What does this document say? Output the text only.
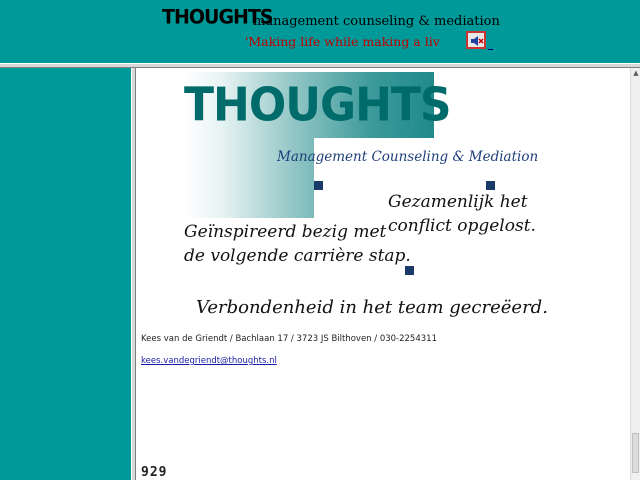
THOUGHTS
management counseling & mediation
'Making life while making a liv
THOUGHTS
Management Counseling & Mediation
Geïnspireerd bezig met
de volgende carrière stap.
Gezamenlijk het
conflict opgelost.
Verbondenheid in het team gecreëerd.
Kees van de Griendt / Bachlaan 17 / 3723 JS Bilthoven / 030-2254311
kees.vandegriendt@thoughts.nl
929
▲
